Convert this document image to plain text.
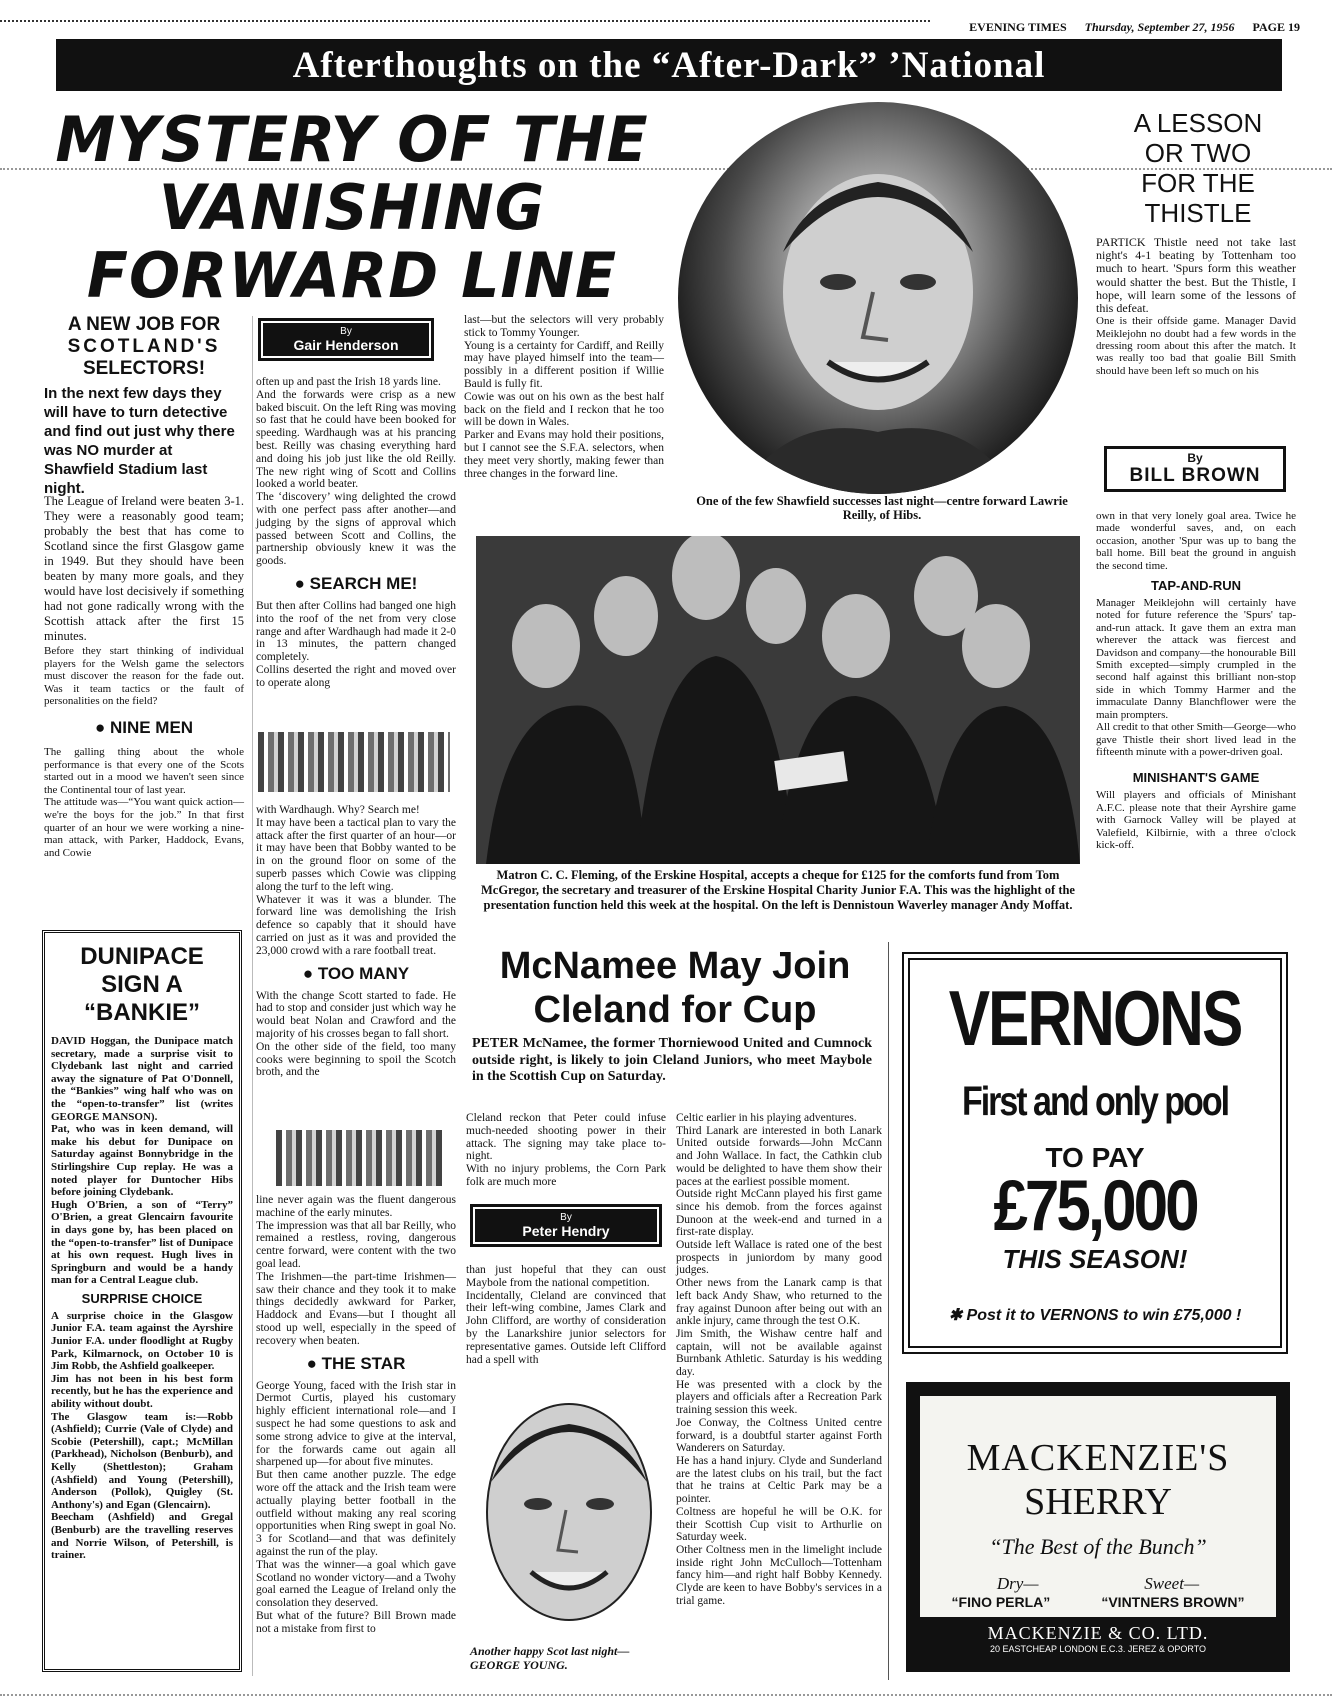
EVENING TIMES Thursday, September 27, 1956 PAGE 19
Afterthoughts on the “After-Dark” ’National
MYSTERY OF THE
VANISHING
FORWARD LINE
One of the few Shawfield successes last night—centre forward Lawrie Reilly, of Hibs.
A LESSON
OR TWO
FOR THE
THISTLE
A NEW JOB FOR
SCOTLAND'S
SELECTORS!

In the next few days they will have to turn detective and find out just why there was NO murder at Shawfield Stadium last night.

The League of Ireland were beaten 3-1. They were a reasonably good team; probably the best that has come to Scotland since the first Glasgow game in 1949. But they should have been beaten by many more goals, and they would have lost decisively if something had not gone radically wrong with the Scottish attack after the first 15 minutes.

Before they start thinking of individual players for the Welsh game the selectors must discover the reason for the fade out. Was it team tactics or the fault of personalities on the field?

● NINE MEN

The galling thing about the whole performance is that every one of the Scots started out in a mood we haven't seen since the Continental tour of last year.

The attitude was—“You want quick action—we're the boys for the job.” In that first quarter of an hour we were working a nine-man attack, with Parker, Haddock, Evans, and Cowie

By
Gair Henderson

often up and past the Irish 18 yards line.

And the forwards were crisp as a new baked biscuit. On the left Ring was moving so fast that he could have been booked for speeding. Wardhaugh was at his prancing best. Reilly was chasing everything hard and doing his job just like the old Reilly. The new right wing of Scott and Collins looked a world beater.

The ‘discovery’ wing delighted the crowd with one perfect pass after another—and judging by the signs of approval which passed between Scott and Collins, the partnership obviously knew it was the goods.

● SEARCH ME!

But then after Collins had banged one high into the roof of the net from very close range and after Wardhaugh had made it 2-0 in 13 minutes, the pattern changed completely.

Collins deserted the right and moved over to operate along

with Wardhaugh. Why? Search me!

It may have been a tactical plan to vary the attack after the first quarter of an hour—or it may have been that Bobby wanted to be in on the ground floor on some of the superb passes which Cowie was clipping along the turf to the left wing.

Whatever it was it was a blunder. The forward line was demolishing the Irish defence so capably that it should have carried on just as it was and provided the 23,000 crowd with a rare football treat.

● TOO MANY

With the change Scott started to fade. He had to stop and consider just which way he would beat Nolan and Crawford and the majority of his crosses began to fall short.

On the other side of the field, too many cooks were beginning to spoil the Scotch broth, and the

line never again was the fluent dangerous machine of the early minutes.

The impression was that all bar Reilly, who remained a restless, roving, dangerous centre forward, were content with the two goal lead.

The Irishmen—the part-time Irishmen—saw their chance and they took it to make things decidedly awkward for Parker, Haddock and Evans—but I thought all stood up well, especially in the speed of recovery when beaten.

● THE STAR

George Young, faced with the Irish star in Dermot Curtis, played his customary highly efficient international role—and I suspect he had some questions to ask and some strong advice to give at the interval, for the forwards came out again all sharpened up—for about five minutes.

But then came another puzzle. The edge wore off the attack and the Irish team were actually playing better football in the outfield without making any real scoring opportunities when Ring swept in goal No. 3 for Scotland—and that was definitely against the run of the play.

That was the winner—a goal which gave Scotland no wonder victory—and a Twohy goal earned the League of Ireland only the consolation they deserved.

But what of the future? Bill Brown made not a mistake from first to

last—but the selectors will very probably stick to Tommy Younger.

Young is a certainty for Cardiff, and Reilly may have played himself into the team—possibly in a different position if Willie Bauld is fully fit.

Cowie was out on his own as the best half back on the field and I reckon that he too will be down in Wales.

Parker and Evans may hold their positions, but I cannot see the S.F.A. selectors, when they meet very shortly, making fewer than three changes in the forward line.

PARTICK Thistle need not take last night's 4-1 beating by Tottenham too much to heart. 'Spurs form this weather would shatter the best. But the Thistle, I hope, will learn some of the lessons of this defeat.

One is their offside game. Manager David Meiklejohn no doubt had a few words in the dressing room about this after the match. It was really too bad that goalie Bill Smith should have been left so much on his

By
BILL BROWN

own in that very lonely goal area. Twice he made wonderful saves, and, on each occasion, another 'Spur was up to bang the ball home. Bill beat the ground in anguish the second time.

TAP-AND-RUN

Manager Meiklejohn will certainly have noted for future reference the 'Spurs' tap-and-run attack. It gave them an extra man wherever the attack was fiercest and Davidson and company—the honourable Bill Smith excepted—simply crumpled in the second half against this brilliant non-stop side in which Tommy Harmer and the immaculate Danny Blanchflower were the main prompters.

All credit to that other Smith—George—who gave Thistle their short lived lead in the fifteenth minute with a power-driven goal.

MINISHANT'S GAME

Will players and officials of Minishant A.F.C. please note that their Ayrshire game with Garnock Valley will be played at Valefield, Kilbirnie, with a three o'clock kick-off.

Matron C. C. Fleming, of the Erskine Hospital, accepts a cheque for £125 for the comforts fund from Tom McGregor, the secretary and treasurer of the Erskine Hospital Charity Junior F.A. This was the highlight of the presentation function held this week at the hospital. On the left is Dennistoun Waverley manager Andy Moffat.
DUNIPACE
SIGN A
“BANKIE”

DAVID Hoggan, the Dunipace match secretary, made a surprise visit to Clydebank last night and carried away the signature of Pat O'Donnell, the “Bankies” wing half who was on the “open-to-transfer” list (writes GEORGE MANSON).

Pat, who was in keen demand, will make his debut for Dunipace on Saturday against Bonnybridge in the Stirlingshire Cup replay. He was a noted player for Duntocher Hibs before joining Clydebank.

Hugh O'Brien, a son of “Terry” O'Brien, a great Glencairn favourite in days gone by, has been placed on the “open-to-transfer” list of Dunipace at his own request. Hugh lives in Springburn and would be a handy man for a Central League club.

SURPRISE CHOICE

A surprise choice in the Glasgow Junior F.A. team against the Ayrshire Junior F.A. under floodlight at Rugby Park, Kilmarnock, on October 10 is Jim Robb, the Ashfield goalkeeper.

Jim has not been in his best form recently, but he has the experience and ability without doubt.

The Glasgow team is:—Robb (Ashfield); Currie (Vale of Clyde) and Scobie (Petershill), capt.; McMillan (Parkhead), Nicholson (Benburb), and Kelly (Shettleston); Graham (Ashfield) and Young (Petershill), Anderson (Pollok), Quigley (St. Anthony's) and Egan (Glencairn).

Beecham (Ashfield) and Gregal (Benburb) are the travelling reserves and Norrie Wilson, of Petershill, is trainer.

McNamee May Join
Cleland for Cup

PETER McNamee, the former Thorniewood United and Cumnock outside right, is likely to join Cleland Juniors, who meet Maybole in the Scottish Cup on Saturday.

Cleland reckon that Peter could infuse much-needed shooting power in their attack. The signing may take place to-night.

With no injury problems, the Corn Park folk are much more

By
Peter Hendry

than just hopeful that they can oust Maybole from the national competition.

Incidentally, Cleland are convinced that their left-wing combine, James Clark and John Clifford, are worthy of consideration by the Lanarkshire junior selectors for representative games. Outside left Clifford had a spell with

Another happy Scot last night—GEORGE YOUNG.

Celtic earlier in his playing adventures.

Third Lanark are interested in both Lanark United outside forwards—John McCann and John Wallace. In fact, the Cathkin club would be delighted to have them show their paces at the earliest possible moment.

Outside right McCann played his first game since his demob. from the forces against Dunoon at the week-end and turned in a first-rate display.

Outside left Wallace is rated one of the best prospects in juniordom by many good judges.

Other news from the Lanark camp is that left back Andy Shaw, who returned to the fray against Dunoon after being out with an ankle injury, came through the test O.K.

Jim Smith, the Wishaw centre half and captain, will not be available against Burnbank Athletic. Saturday is his wedding day.

He was presented with a clock by the players and officials after a Recreation Park training session this week.

Joe Conway, the Coltness United centre forward, is a doubtful starter against Forth Wanderers on Saturday.

He has a hand injury. Clyde and Sunderland are the latest clubs on his trail, but the fact that he trains at Celtic Park may be a pointer.

Coltness are hopeful he will be O.K. for their Scottish Cup visit to Arthurlie on Saturday week.

Other Coltness men in the limelight include inside right John McCulloch—Tottenham fancy him—and right half Bobby Kennedy. Clyde are keen to have Bobby's services in a trial game.

VERNONS
First and only pool
TO PAY
£75,000
THIS SEASON!
✱ Post it to VERNONS to win £75,000 !
MACKENZIE'S
SHERRY
“The Best of the Bunch”
Dry—	Sweet—
“FINO PERLA”	“VINTNERS BROWN”
MACKENZIE & CO. LTD.
20 EASTCHEAP LONDON E.C.3. JEREZ & OPORTO
